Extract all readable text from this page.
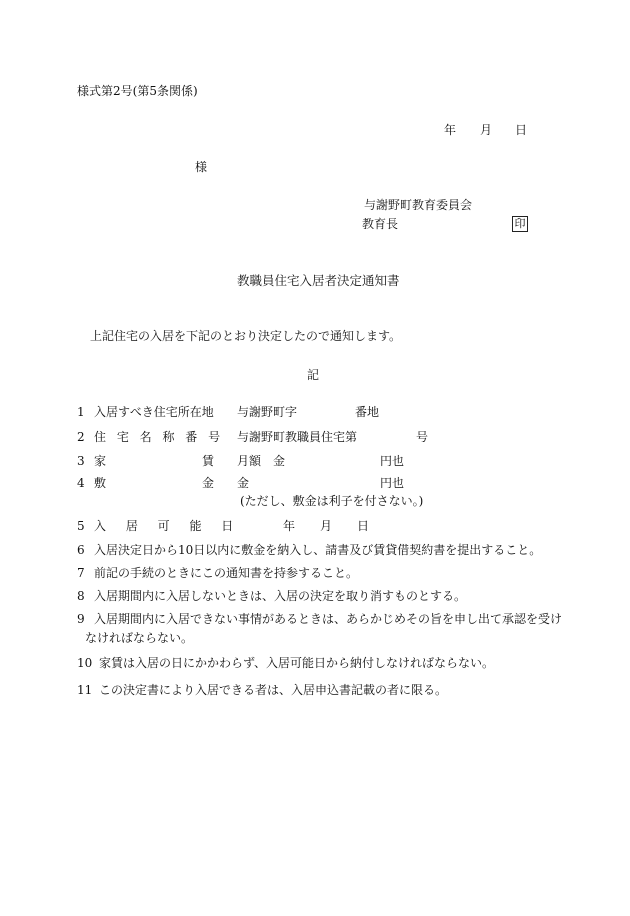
様式第2号(第5条関係)
年 月 日
様
与謝野町教育委員会
教育長	印
教職員住宅入居者決定通知書
上記住宅の入居を下記のとおり決定したので通知します。
記
1 入居すべき住宅所在地 与謝野町字	番地
2 住 宅 名 称 番 号 与謝野町教職員住宅第	号
3 家	賃 月額　金	円也
4 敷	金 金	円也
(ただし、敷金は利子を付さない。)
5 入 居 可 能 日	年 月 日
6 入居決定日から10日以内に敷金を納入し、請書及び賃貸借契約書を提出すること。
7 前記の手続のときにこの通知書を持参すること。
8 入居期間内に入居しないときは、入居の決定を取り消すものとする。
9 入居期間内に入居できない事情があるときは、あらかじめその旨を申し出て承認を受け
なければならない。
10 家賃は入居の日にかかわらず、入居可能日から納付しなければならない。
11 この決定書により入居できる者は、入居申込書記載の者に限る。
